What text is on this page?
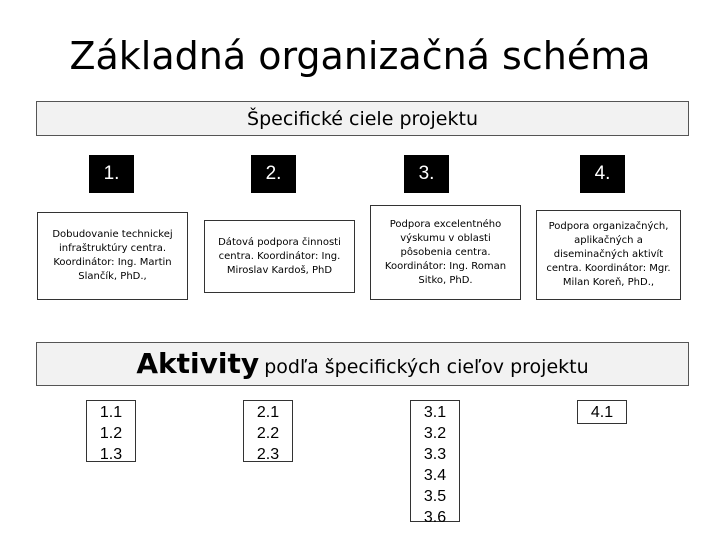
Základná organizačná schéma
Špecifické ciele projektu
1.	2.	3.	4.
Dobudovanie technickej infraštruktúry centra. Koordinátor: Ing. Martin Slančík, PhD.,
Dátová podpora činnosti centra. Koordinátor: Ing. Miroslav Kardoš, PhD
Podpora excelentného výskumu v oblasti pôsobenia centra. Koordinátor: Ing. Roman Sitko, PhD.
Podpora organizačných, aplikačných a diseminačných aktivít centra. Koordinátor: Mgr. Milan Koreň, PhD.,
Aktivity podľa špecifických cieľov projektu
1.1
1.2
1.3
2.1
2.2
2.3
3.1
3.2
3.3
3.4
3.5
3.6
4.1
